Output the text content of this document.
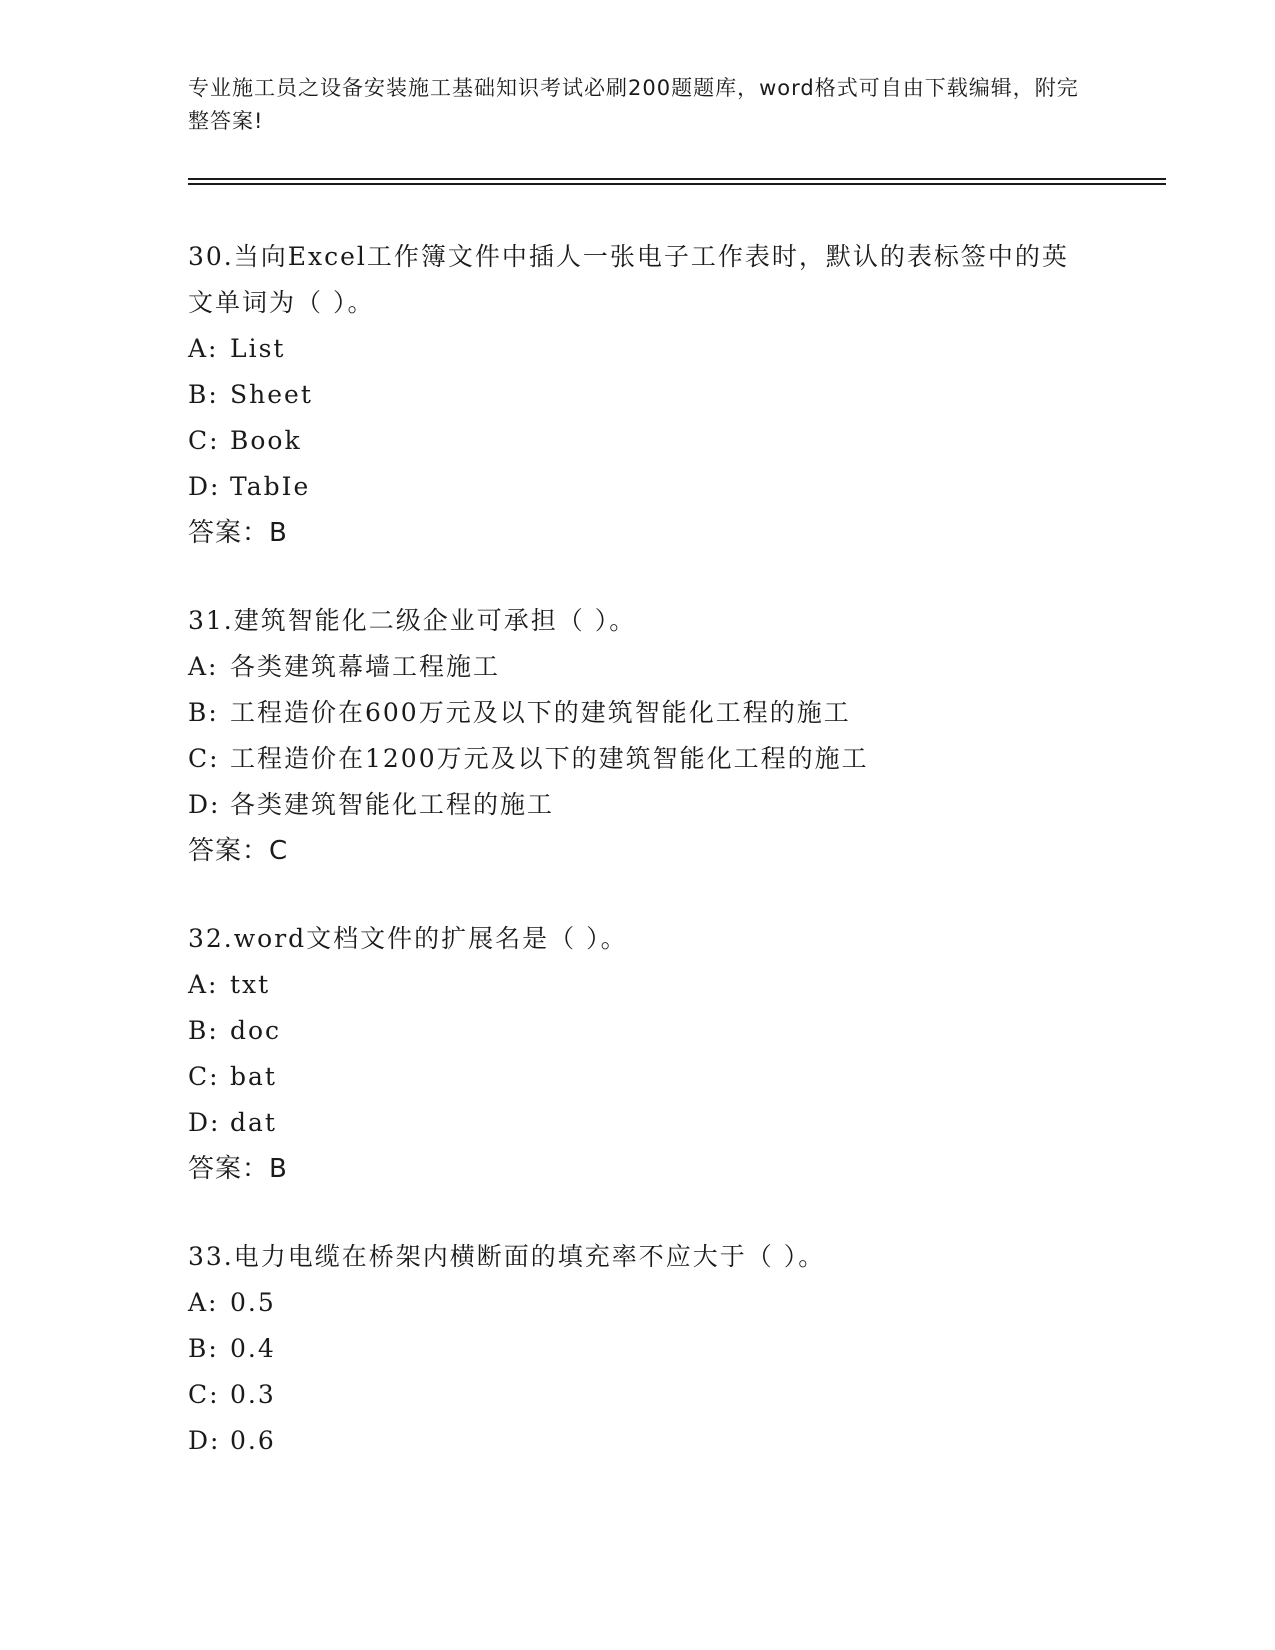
专业施工员之设备安装施工基础知识考试必刷200题题库，word格式可自由下载编辑，附完整答案!
30.当向Excel工作簿文件中插人一张电子工作表时，默认的表标签中的英文单词为（ ）。
A: List
B: Sheet
C: Book
D: TabIe
答案：B
31.建筑智能化二级企业可承担（ ）。
A: 各类建筑幕墙工程施工
B: 工程造价在600万元及以下的建筑智能化工程的施工
C: 工程造价在1200万元及以下的建筑智能化工程的施工
D: 各类建筑智能化工程的施工
答案：C
32.word文档文件的扩展名是（ ）。
A: txt
B: doc
C: bat
D: dat
答案：B
33.电力电缆在桥架内横断面的填充率不应大于（ ）。
A: 0.5
B: 0.4
C: 0.3
D: 0.6
